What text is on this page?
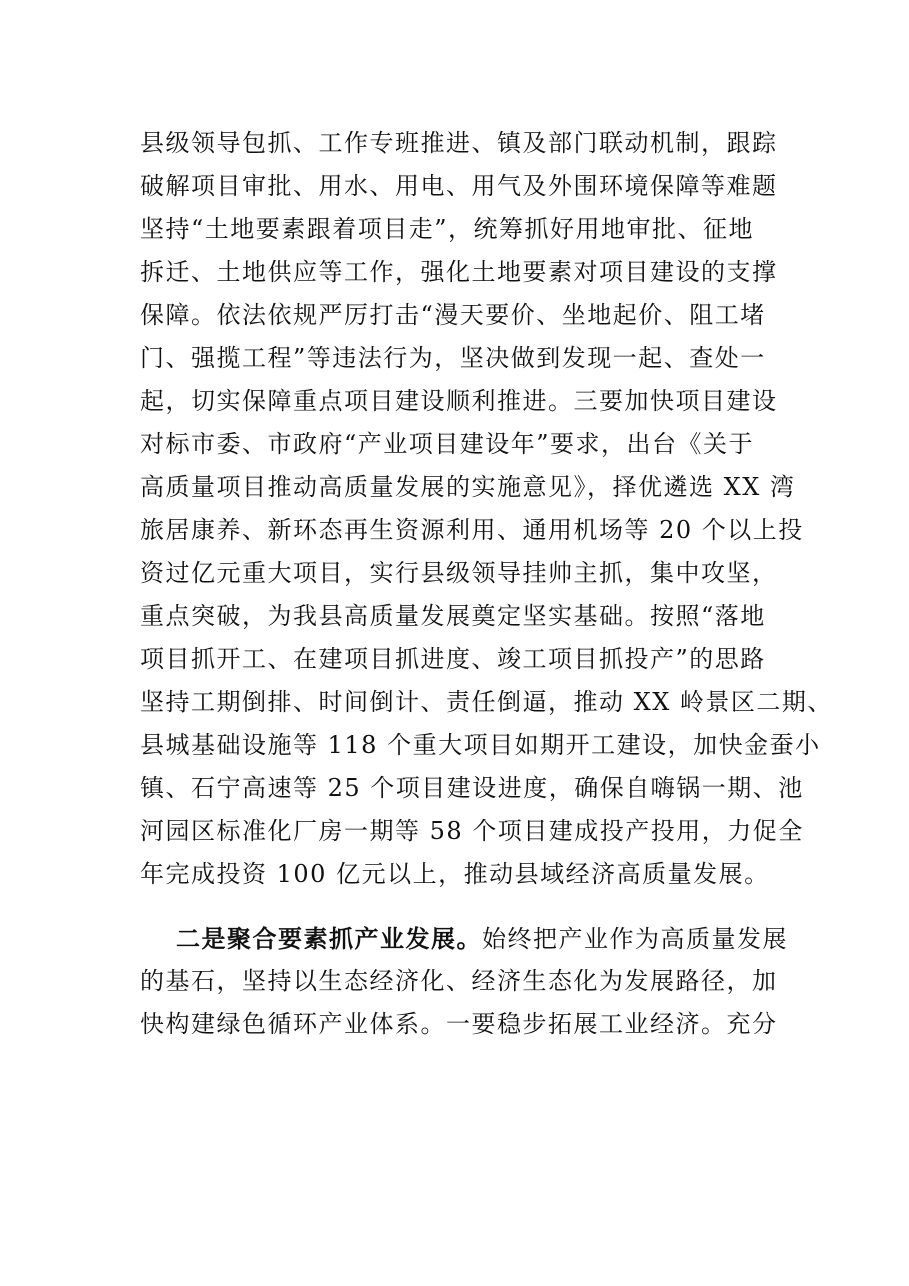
县级领导包抓、工作专班推进、镇及部门联动机制，跟踪
破解项目审批、用水、用电、用气及外围环境保障等难题
坚持“土地要素跟着项目走”，统筹抓好用地审批、征地
拆迁、土地供应等工作，强化土地要素对项目建设的支撑
保障。依法依规严厉打击“漫天要价、坐地起价、阻工堵
门、强揽工程”等违法行为，坚决做到发现一起、查处一
起，切实保障重点项目建设顺利推进。三要加快项目建设
对标市委、市政府“产业项目建设年”要求，出台《关于
高质量项目推动高质量发展的实施意见》，择优遴选 XX 湾
旅居康养、新环态再生资源利用、通用机场等 20 个以上投
资过亿元重大项目，实行县级领导挂帅主抓，集中攻坚，
重点突破，为我县高质量发展奠定坚实基础。按照“落地
项目抓开工、在建项目抓进度、竣工项目抓投产”的思路
坚持工期倒排、时间倒计、责任倒逼，推动 XX 岭景区二期、
县城基础设施等 118 个重大项目如期开工建设，加快金蚕小
镇、石宁高速等 25 个项目建设进度，确保自嗨锅一期、池
河园区标准化厂房一期等 58 个项目建成投产投用，力促全
年完成投资 100 亿元以上，推动县域经济高质量发展。
二是聚合要素抓产业发展。始终把产业作为高质量发展
的基石，坚持以生态经济化、经济生态化为发展路径，加
快构建绿色循环产业体系。一要稳步拓展工业经济。充分
